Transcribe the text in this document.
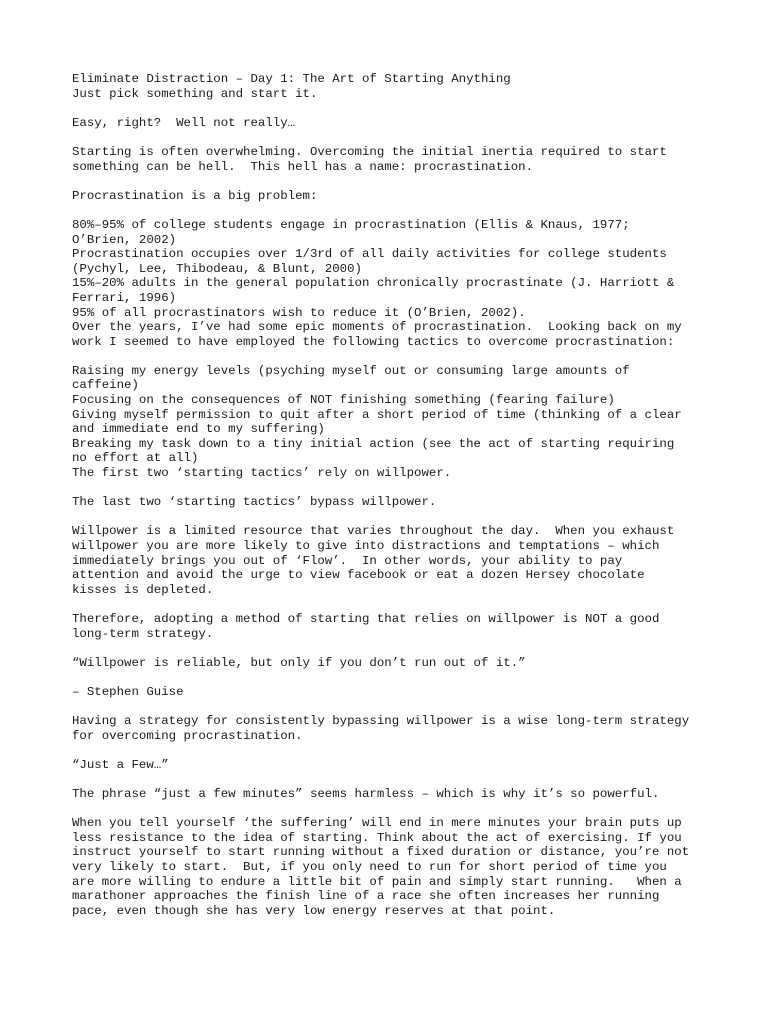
Eliminate Distraction – Day 1: The Art of Starting Anything
Just pick something and start it.
Easy, right?  Well not really…
Starting is often overwhelming. Overcoming the initial inertia required to start
something can be hell.  This hell has a name: procrastination.
Procrastination is a big problem:
80%–95% of college students engage in procrastination (Ellis & Knaus, 1977;
O’Brien, 2002)
Procrastination occupies over 1/3rd of all daily activities for college students
(Pychyl, Lee, Thibodeau, & Blunt, 2000)
15%–20% adults in the general population chronically procrastinate (J. Harriott &
Ferrari, 1996)
95% of all procrastinators wish to reduce it (O’Brien, 2002).
Over the years, I’ve had some epic moments of procrastination.  Looking back on my
work I seemed to have employed the following tactics to overcome procrastination:
Raising my energy levels (psyching myself out or consuming large amounts of
caffeine)
Focusing on the consequences of NOT finishing something (fearing failure)
Giving myself permission to quit after a short period of time (thinking of a clear
and immediate end to my suffering)
Breaking my task down to a tiny initial action (see the act of starting requiring
no effort at all)
The first two ‘starting tactics’ rely on willpower.
The last two ‘starting tactics’ bypass willpower.
Willpower is a limited resource that varies throughout the day.  When you exhaust
willpower you are more likely to give into distractions and temptations – which
immediately brings you out of ‘Flow’.  In other words, your ability to pay
attention and avoid the urge to view facebook or eat a dozen Hersey chocolate
kisses is depleted.
Therefore, adopting a method of starting that relies on willpower is NOT a good
long-term strategy.
“Willpower is reliable, but only if you don’t run out of it.”
– Stephen Guise
Having a strategy for consistently bypassing willpower is a wise long-term strategy
for overcoming procrastination.
“Just a Few…”
The phrase “just a few minutes” seems harmless – which is why it’s so powerful.
When you tell yourself ‘the suffering’ will end in mere minutes your brain puts up
less resistance to the idea of starting. Think about the act of exercising. If you
instruct yourself to start running without a fixed duration or distance, you’re not
very likely to start.  But, if you only need to run for short period of time you
are more willing to endure a little bit of pain and simply start running.   When a
marathoner approaches the finish line of a race she often increases her running
pace, even though she has very low energy reserves at that point.
